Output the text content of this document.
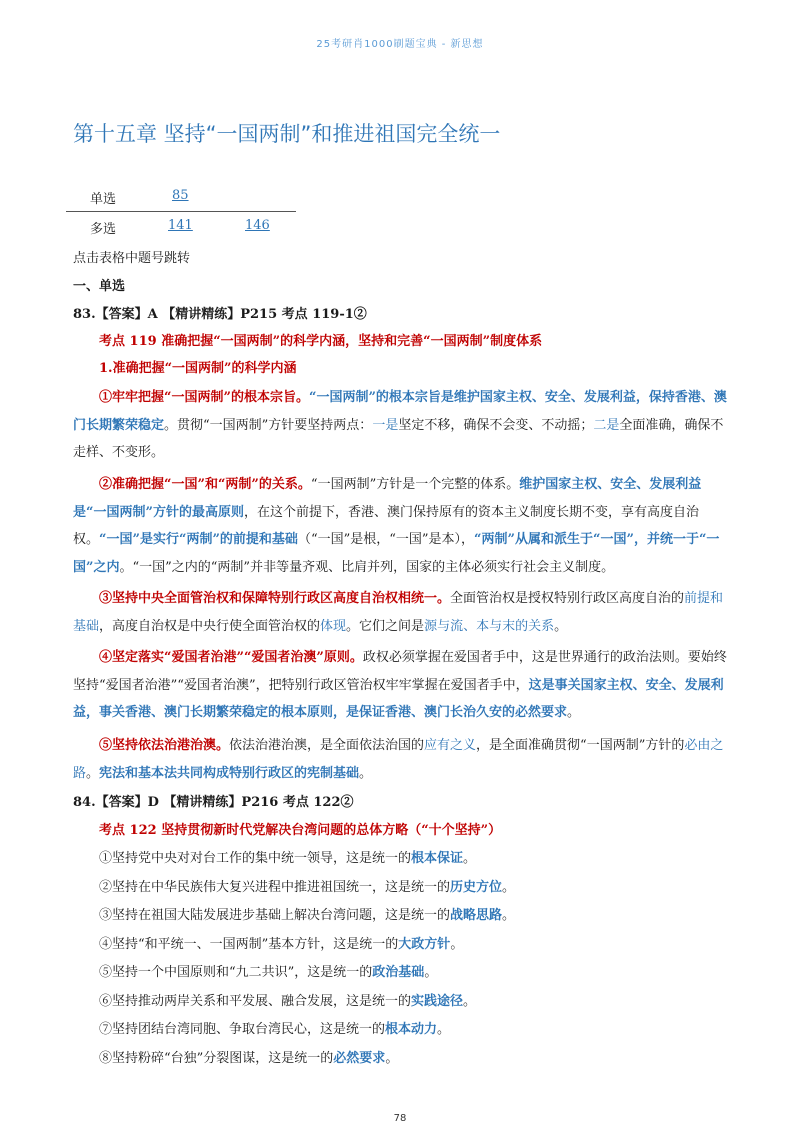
25考研肖1000刷题宝典 - 新思想
第十五章 坚持“一国两制”和推进祖国完全统一
单选	85
多选	141	146
点击表格中题号跳转
一、单选
83.【答案】A 【精讲精练】P215 考点 119-1②
考点 119 准确把握“一国两制”的科学内涵，坚持和完善“一国两制”制度体系
1.准确把握“一国两制”的科学内涵
①牢牢把握“一国两制”的根本宗旨。“一国两制”的根本宗旨是维护国家主权、安全、发展利益，保持香港、澳门长期繁荣稳定。贯彻“一国两制”方针要坚持两点：一是坚定不移，确保不会变、不动摇；二是全面准确，确保不走样、不变形。
②准确把握“一国”和“两制”的关系。“一国两制”方针是一个完整的体系。维护国家主权、安全、发展利益是“一国两制”方针的最高原则，在这个前提下，香港、澳门保持原有的资本主义制度长期不变，享有高度自治权。“一国”是实行“两制”的前提和基础（“一国”是根，“一国”是本），“两制”从属和派生于“一国”，并统一于“一国”之内。“一国”之内的“两制”并非等量齐观、比肩并列，国家的主体必须实行社会主义制度。
③坚持中央全面管治权和保障特别行政区高度自治权相统一。全面管治权是授权特别行政区高度自治的前提和基础，高度自治权是中央行使全面管治权的体现。它们之间是源与流、本与末的关系。
④坚定落实“爱国者治港”“爱国者治澳”原则。政权必须掌握在爱国者手中，这是世界通行的政治法则。要始终坚持“爱国者治港”“爱国者治澳”，把特别行政区管治权牢牢掌握在爱国者手中，这是事关国家主权、安全、发展利益，事关香港、澳门长期繁荣稳定的根本原则，是保证香港、澳门长治久安的必然要求。
⑤坚持依法治港治澳。依法治港治澳，是全面依法治国的应有之义，是全面准确贯彻“一国两制”方针的必由之路。宪法和基本法共同构成特别行政区的宪制基础。
84.【答案】D 【精讲精练】P216 考点 122②
考点 122 坚持贯彻新时代党解决台湾问题的总体方略（“十个坚持”）
①坚持党中央对对台工作的集中统一领导，这是统一的根本保证。
②坚持在中华民族伟大复兴进程中推进祖国统一，这是统一的历史方位。
③坚持在祖国大陆发展进步基础上解决台湾问题，这是统一的战略思路。
④坚持“和平统一、一国两制”基本方针，这是统一的大政方针。
⑤坚持一个中国原则和“九二共识”，这是统一的政治基础。
⑥坚持推动两岸关系和平发展、融合发展，这是统一的实践途径。
⑦坚持团结台湾同胞、争取台湾民心，这是统一的根本动力。
⑧坚持粉碎“台独”分裂图谋，这是统一的必然要求。
78
